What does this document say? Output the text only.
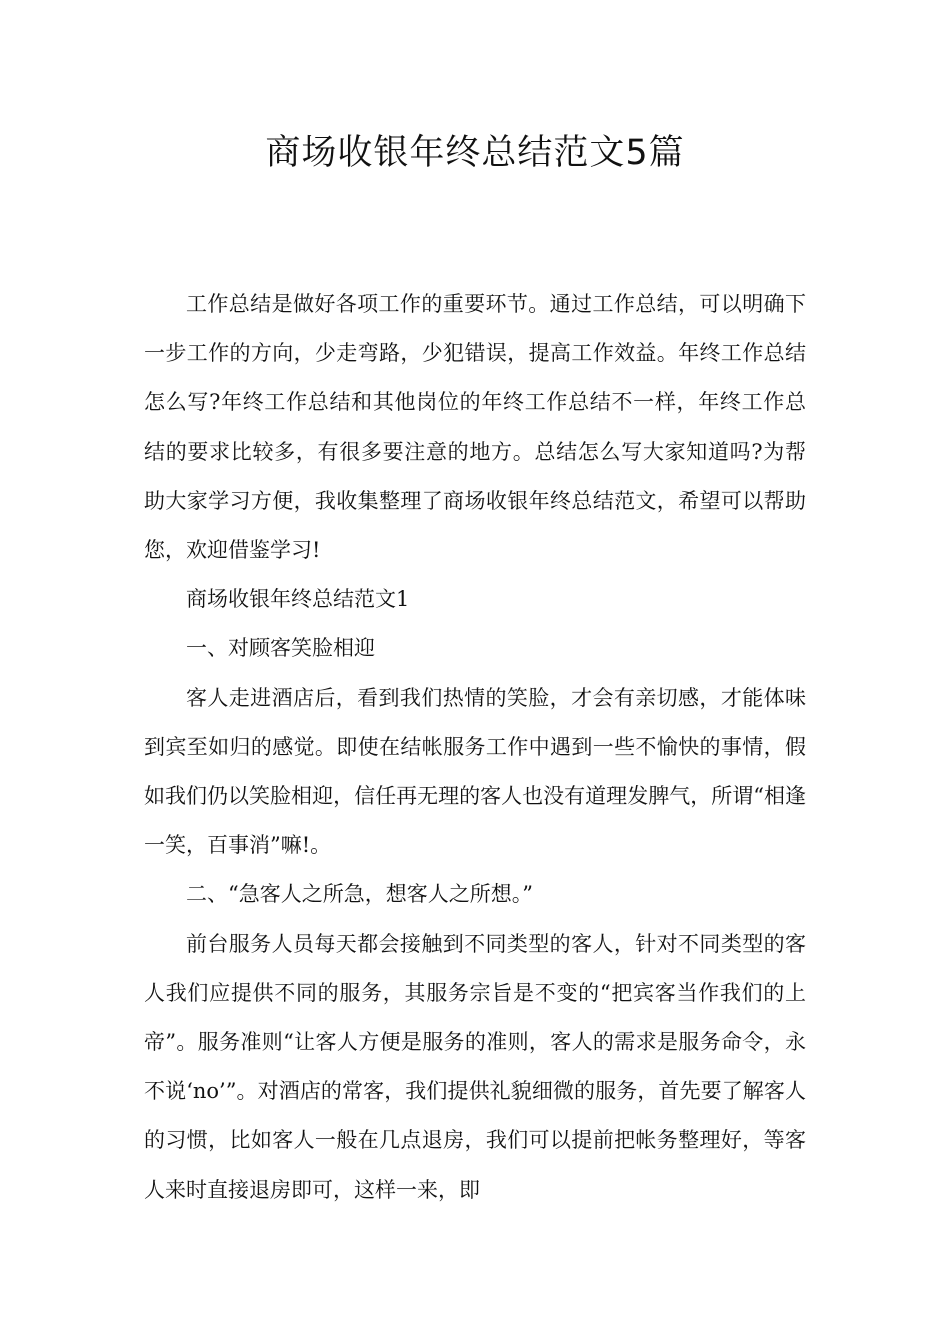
商场收银年终总结范文5篇

工作总结是做好各项工作的重要环节。通过工作总结，可以明确下一步工作的方向，少走弯路，少犯错误，提高工作效益。年终工作总结怎么写?年终工作总结和其他岗位的年终工作总结不一样，年终工作总结的要求比较多，有很多要注意的地方。总结怎么写大家知道吗?为帮助大家学习方便，我收集整理了商场收银年终总结范文，希望可以帮助您，欢迎借鉴学习!

商场收银年终总结范文1

一、对顾客笑脸相迎

客人走进酒店后，看到我们热情的笑脸，才会有亲切感，才能体味到宾至如归的感觉。即使在结帐服务工作中遇到一些不愉快的事情，假如我们仍以笑脸相迎，信任再无理的客人也没有道理发脾气，所谓“相逢一笑，百事消”嘛!。

二、“急客人之所急，想客人之所想。”

前台服务人员每天都会接触到不同类型的客人，针对不同类型的客人我们应提供不同的服务，其服务宗旨是不变的“把宾客当作我们的上帝”。服务准则“让客人方便是服务的准则，客人的需求是服务命令，永不说‘no’”。对酒店的常客，我们提供礼貌细微的服务，首先要了解客人的习惯，比如客人一般在几点退房，我们可以提前把帐务整理好，等客人来时直接退房即可，这样一来，即
